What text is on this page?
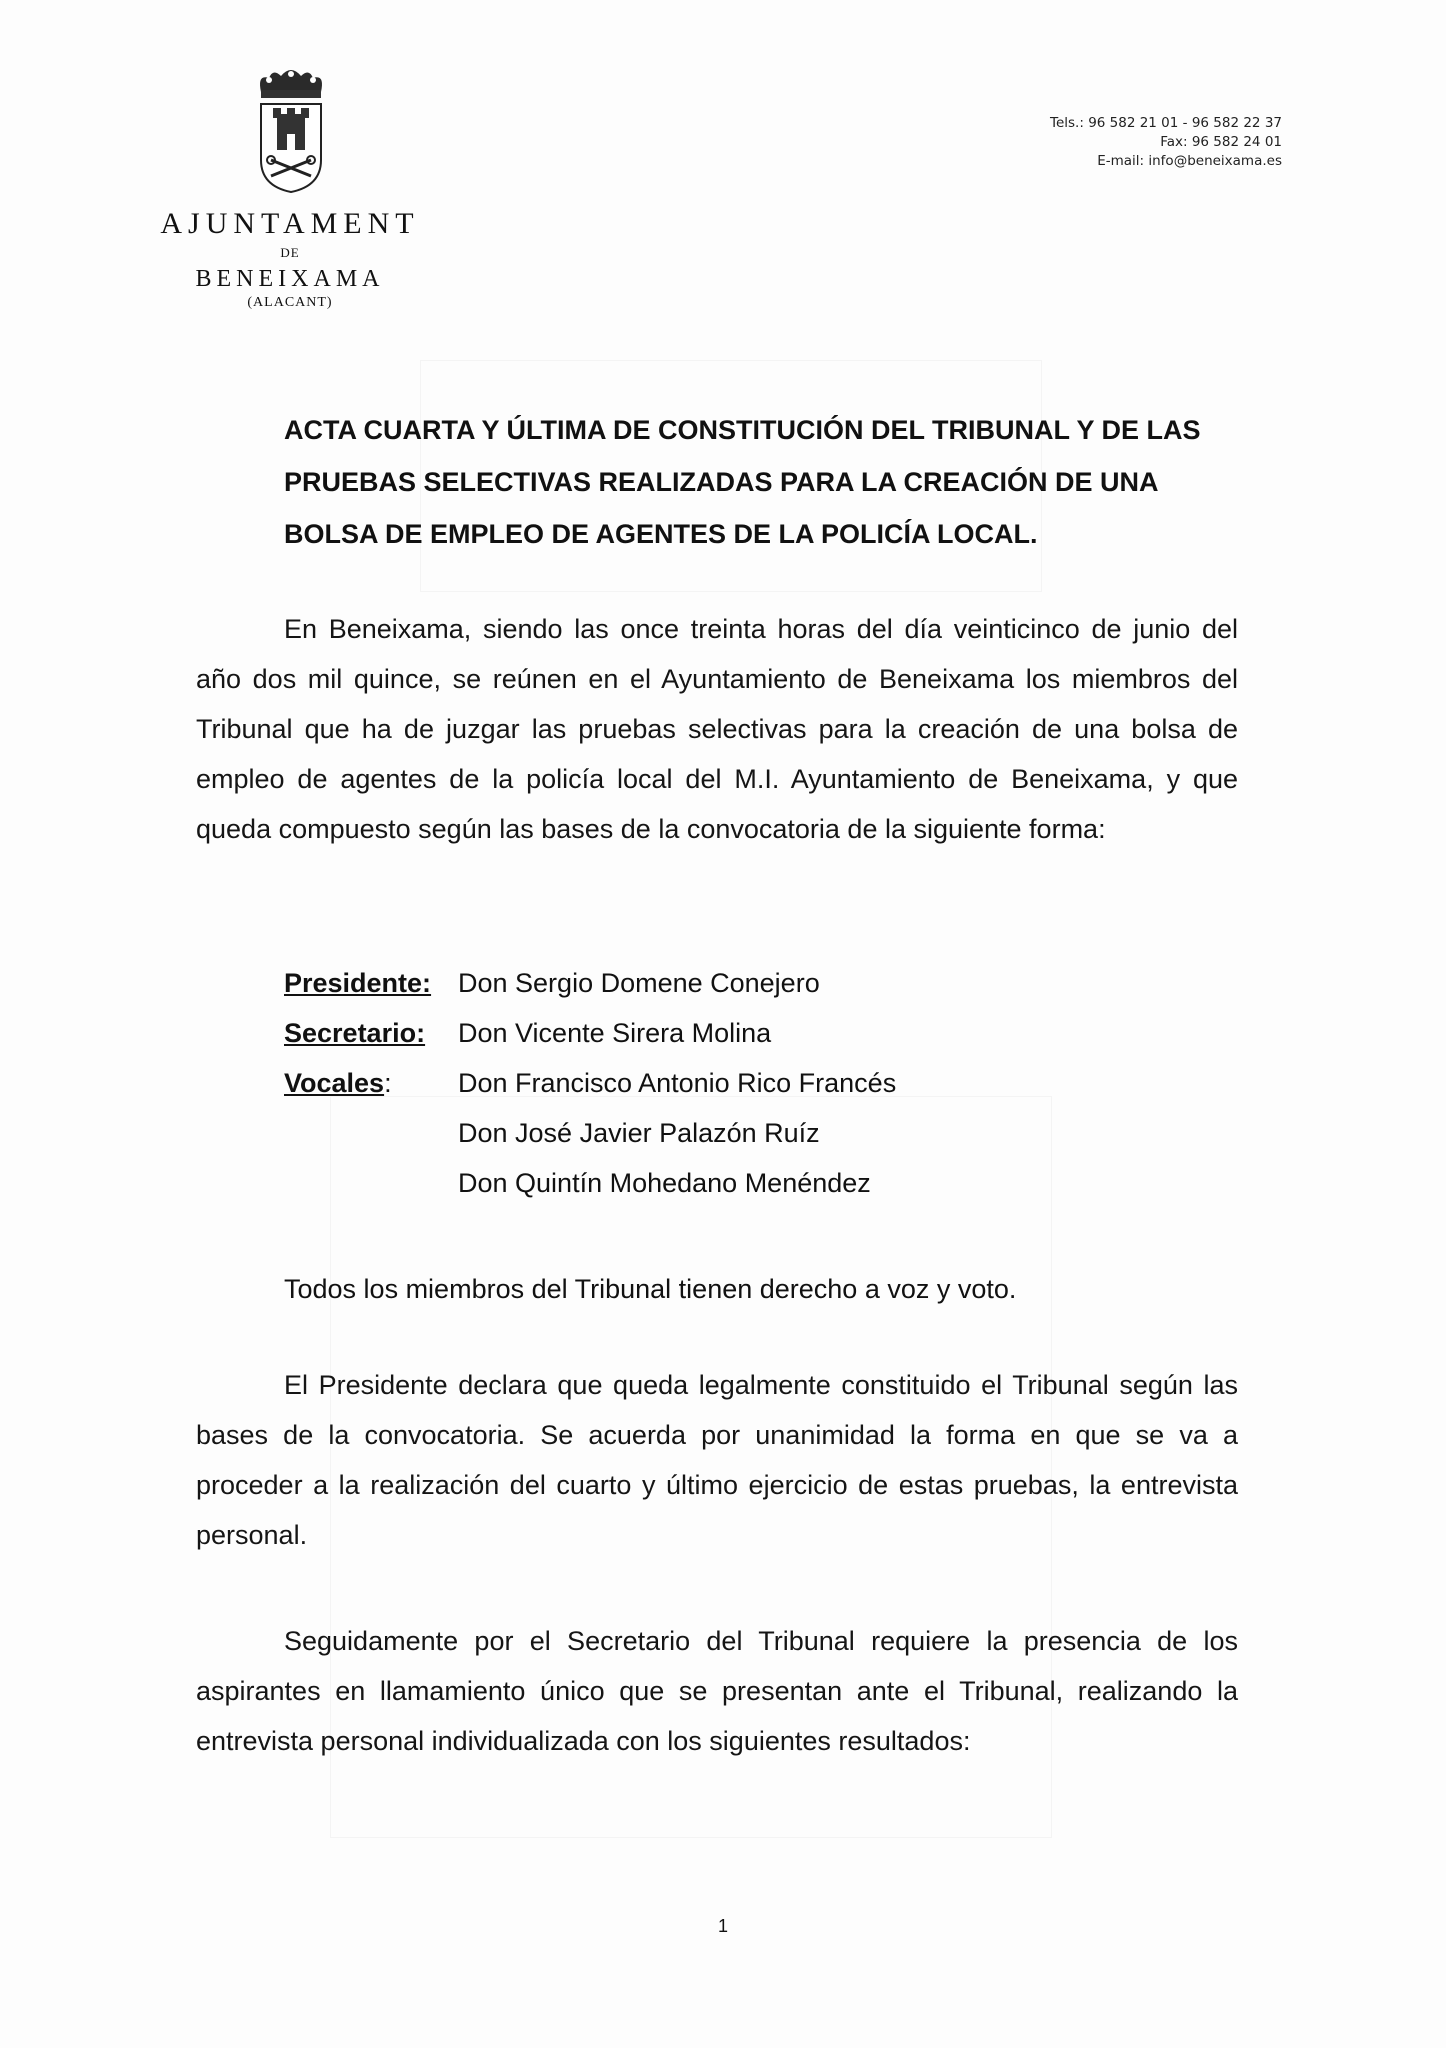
AJUNTAMENT
DE
BENEIXAMA
(ALACANT)
Tels.: 96 582 21 01 - 96 582 22 37
Fax: 96 582 24 01
E-mail: info@beneixama.es
ACTA CUARTA Y ÚLTIMA DE CONSTITUCIÓN DEL TRIBUNAL Y DE LAS PRUEBAS SELECTIVAS REALIZADAS PARA LA CREACIÓN DE UNA BOLSA DE EMPLEO DE AGENTES DE LA POLICÍA LOCAL.
En Beneixama, siendo las once treinta horas del día veinticinco de junio del año dos mil quince, se reúnen en el Ayuntamiento de Beneixama los miembros del Tribunal que ha de juzgar las pruebas selectivas para la creación de una bolsa de empleo de agentes de la policía local del M.I. Ayuntamiento de Beneixama, y que queda compuesto según las bases de la convocatoria de la siguiente forma:
Presidente: Don Sergio Domene Conejero
Secretario:	Don Vicente Sirera Molina
Vocales:	Don Francisco Antonio Rico Francés
Don José Javier Palazón Ruíz
Don Quintín Mohedano Menéndez
Todos los miembros del Tribunal tienen derecho a voz y voto.
El Presidente declara que queda legalmente constituido el Tribunal según las bases de la convocatoria. Se acuerda por unanimidad la forma en que se va a proceder a la realización del cuarto y último ejercicio de estas pruebas, la entrevista personal.
Seguidamente por el Secretario del Tribunal requiere la presencia de los aspirantes en llamamiento único que se presentan ante el Tribunal, realizando la entrevista personal individualizada con los siguientes resultados:
1
